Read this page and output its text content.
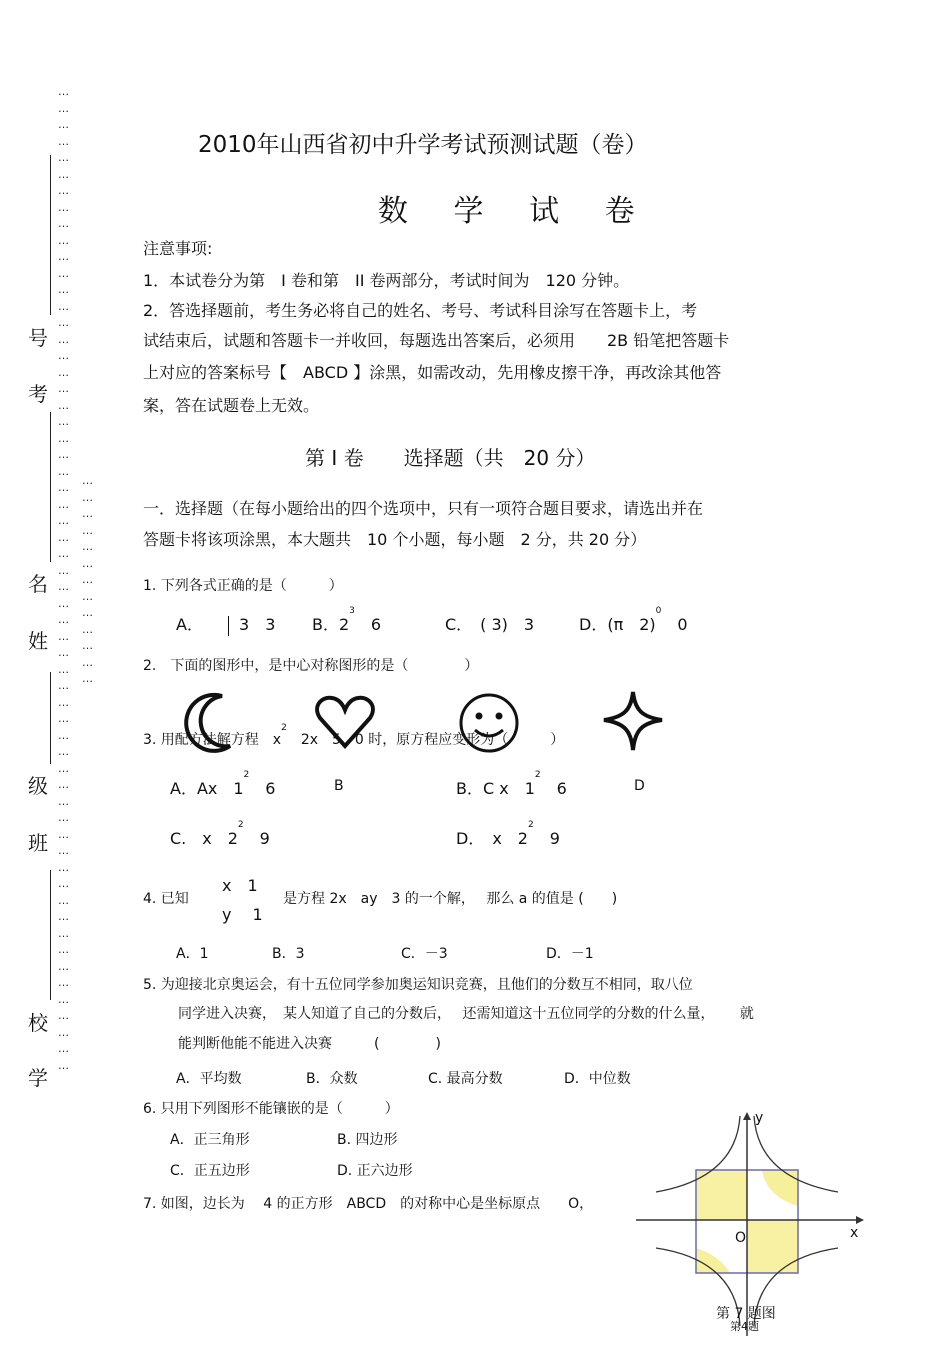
…
…
…
…
…
…
…
…
…
…
…
…
…
…
…
…
…
…
…
…
…
…
…
…
…
…
…
…
…
…
…
…
…
…
…
…
…
…
…
…
…
…
…
…
…
…
…
…
…
…
…
…
…
…
…
…
…
…
…
…
…
…
…
…
…
…
…
…
…
…
…
…
…
号
考
名
姓
级
班
校
学
2010年山西省初中升学考试预测试题（卷）
数 学 试 卷
注意事项:
1．本试卷分为第　I 卷和第　II 卷两部分，考试时间为　120 分钟。
2．答选择题前，考生务必将自己的姓名、考号、考试科目涂写在答题卡上，考
试结束后，试题和答题卡一并收回，每题选出答案后，必须用　　2B 铅笔把答题卡
上对应的答案标号【　ABCD 】涂黑，如需改动，先用橡皮擦干净，再改涂其他答
案，答在试题卷上无效。
第 I 卷　　选择题（共　20 分）
一．选择题（在每小题给出的四个选项中，只有一项符合题目要求，请选出并在
答题卡将该项涂黑，本大题共　10 个小题，每小题　2 分，共 20 分）
1. 下列各式正确的是（　　　）
A． 3　3 B．$2^3$　6	C．　( 3)　3	D．(π　2)$^0$　0
2.　下面的图形中，是中心对称图形的是（　　　　）
3. 用配方法解方程　$x^2$　2x　5　0 时，原方程应变形为（　　　）
A．Ax　$1^2$　6	B	B．C x　$1^2$　6	D
C.　x　$2^2$　9	D．　x　$2^2$　9
4. 已知
x　1
y　 1
是方程 2x　ay　3 的一个解，　 那么 a 的值是 (　　)
A．1	B．3	C．－3	D．－1
5. 为迎接北京奥运会，有十五位同学参加奥运知识竞赛，且他们的分数互不相同，取八位
同学进入决赛，　某人知道了自己的分数后，　 还需知道这十五位同学的分数的什么量，　　 就
能判断他能不能进入决赛　　　(　　　　)
A．平均数	B．众数	C. 最高分数	D．中位数
6. 只用下列图形不能镶嵌的是（　　　）
A．正三角形	B. 四边形
C．正五边形	D. 正六边形
7. 如图，边长为　 4 的正方形　ABCD　的对称中心是坐标原点　　O，
y
x
O
第 7 题图
第4题
